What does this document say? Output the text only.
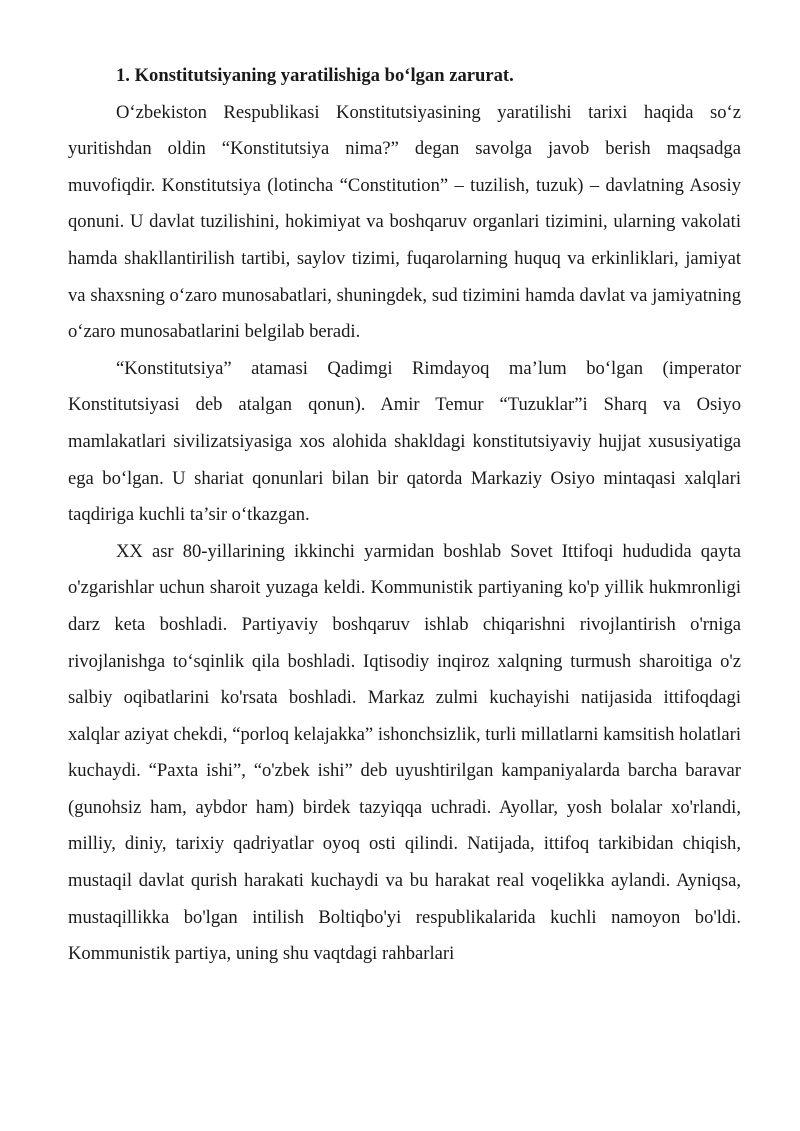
1. Konstitutsiyaning yaratilishiga bo‘lgan zarurat.

O‘zbekiston Respublikasi Konstitutsiyasining yaratilishi tarixi haqida so‘z yuritishdan oldin “Konstitutsiya nima?” degan savolga javob berish maqsadga muvofiqdir. Konstitutsiya (lotincha “Constitution” – tuzilish, tuzuk) – davlatning Asosiy qonuni. U davlat tuzilishini, hokimiyat va boshqaruv organlari tizimini, ularning vakolati hamda shakllantirilish tartibi, saylov tizimi, fuqarolarning huquq va erkinliklari, jamiyat va shaxsning o‘zaro munosabatlari, shuningdek, sud tizimini hamda davlat va jamiyatning o‘zaro munosabatlarini belgilab beradi.

“Konstitutsiya” atamasi Qadimgi Rimdayoq ma’lum bo‘lgan (imperator Konstitutsiyasi deb atalgan qonun). Amir Temur “Tuzuklar”i Sharq va Osiyo mamlakatlari sivilizatsiyasiga xos alohida shakldagi konstitutsiyaviy hujjat xususiyatiga ega bo‘lgan. U shariat qonunlari bilan bir qatorda Markaziy Osiyo mintaqasi xalqlari taqdiriga kuchli ta’sir o‘tkazgan.

XX asr 80-yillarining ikkinchi yarmidan boshlab Sovet Ittifoqi hududida qayta o'zgarishlar uchun sharoit yuzaga keldi. Kommunistik partiyaning ko'p yillik hukmronligi darz keta boshladi. Partiyaviy boshqaruv ishlab chiqarishni rivojlantirish o'rniga rivojlanishga to‘sqinlik qila boshladi. Iqtisodiy inqiroz xalqning turmush sharoitiga o'z salbiy oqibatlarini ko'rsata boshladi. Markaz zulmi kuchayishi natijasida ittifoqdagi xalqlar aziyat chekdi, “porloq kelajakka” ishonchsizlik, turli millatlarni kamsitish holatlari kuchaydi. “Paxta ishi”, “o'zbek ishi” deb uyushtirilgan kampaniyalarda barcha baravar (gunohsiz ham, aybdor ham) birdek tazyiqqa uchradi. Ayollar, yosh bolalar xo'rlandi, milliy, diniy, tarixiy qadriyatlar oyoq osti qilindi. Natijada, ittifoq tarkibidan chiqish, mustaqil davlat qurish harakati kuchaydi va bu harakat real voqelikka aylandi. Ayniqsa, mustaqillikka bo'lgan intilish Boltiqbo'yi respublikalarida kuchli namoyon bo'ldi. Kommunistik partiya, uning shu vaqtdagi rahbarlari
